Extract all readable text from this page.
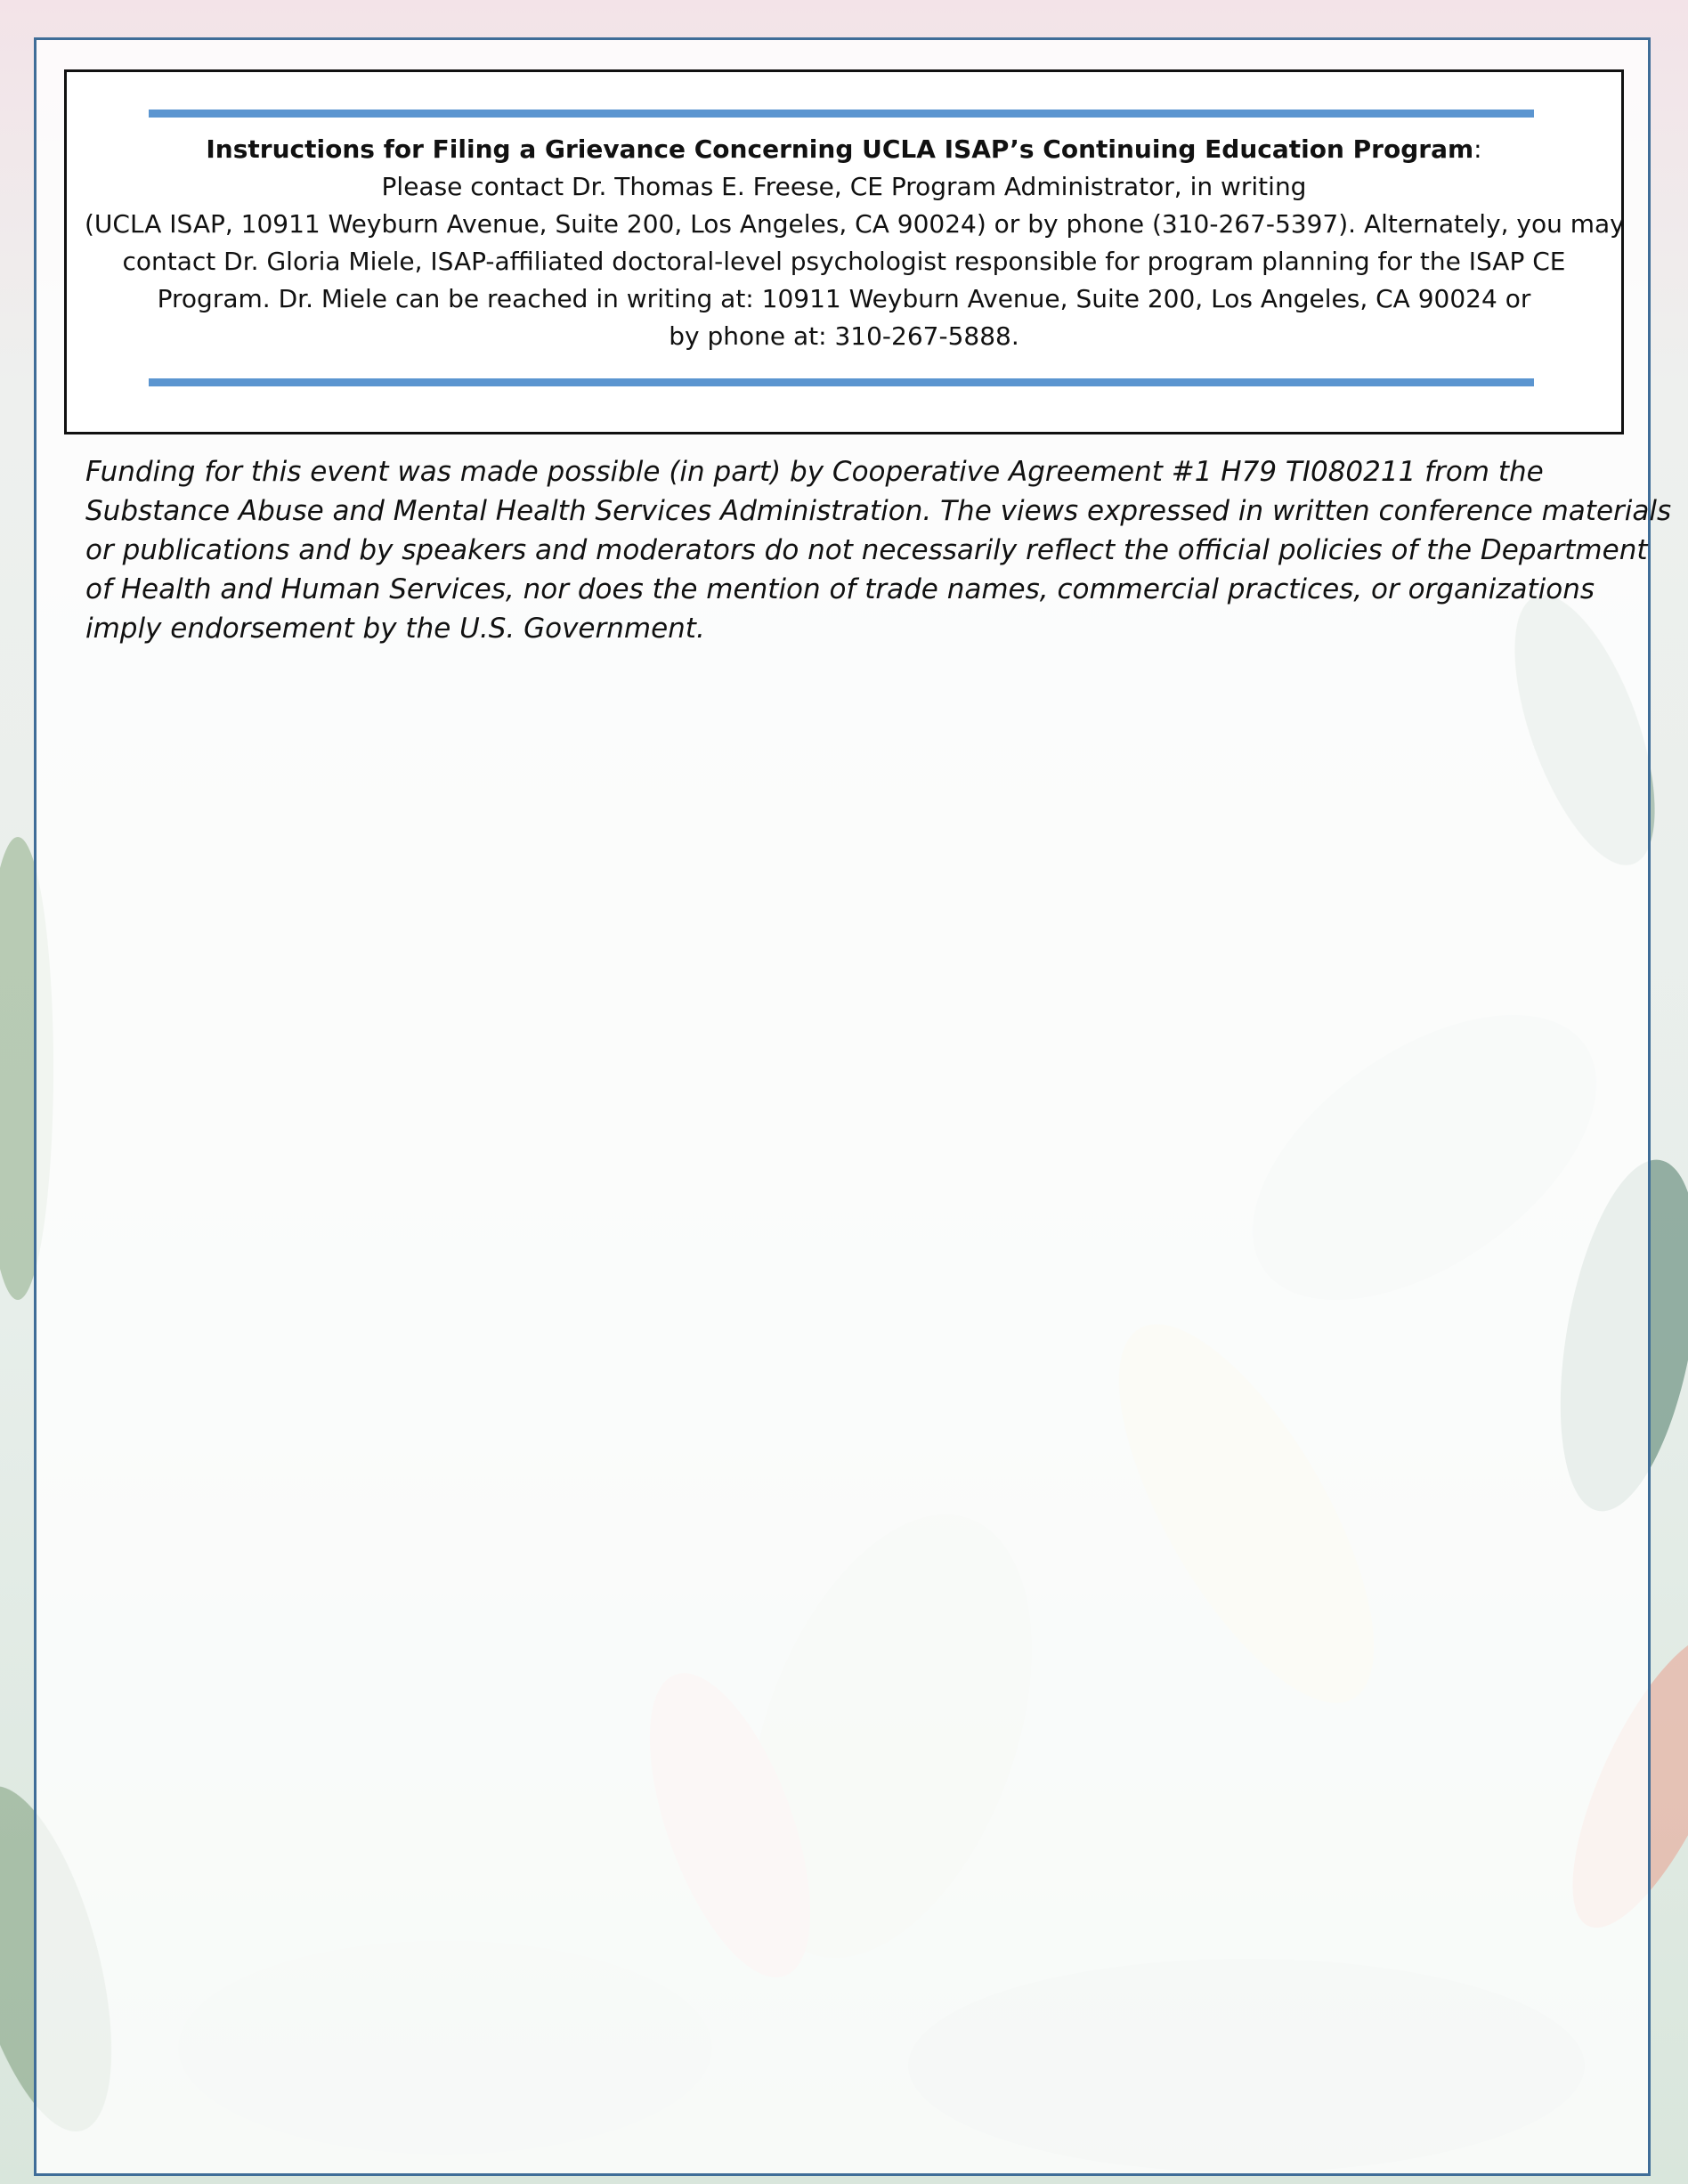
Instructions for Filing a Grievance Concerning UCLA ISAP’s Continuing Education Program:
Please contact Dr. Thomas E. Freese, CE Program Administrator, in writing
(UCLA ISAP, 10911 Weyburn Avenue, Suite 200, Los Angeles, CA 90024) or by phone (310-267-5397). Alternately, you may
contact Dr. Gloria Miele, ISAP-affiliated doctoral-level psychologist responsible for program planning for the ISAP CE
Program. Dr. Miele can be reached in writing at: 10911 Weyburn Avenue, Suite 200, Los Angeles, CA 90024 or
by phone at: 310-267-5888.
Funding for this event was made possible (in part) by Cooperative Agreement #1 H79 TI080211 from the
Substance Abuse and Mental Health Services Administration. The views expressed in written conference materials
or publications and by speakers and moderators do not necessarily reflect the official policies of the Department
of Health and Human Services, nor does the mention of trade names, commercial practices, or organizations
imply endorsement by the U.S. Government.
